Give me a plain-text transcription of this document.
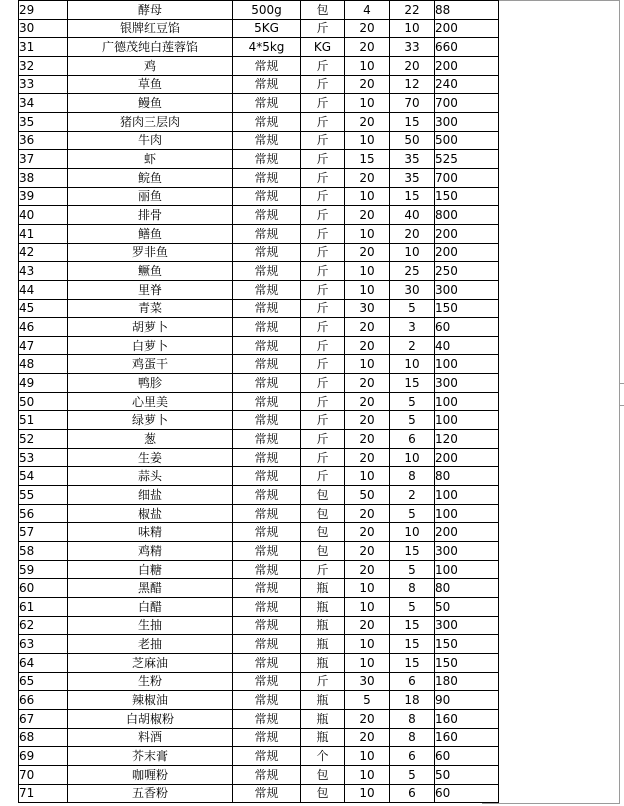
29	酵母	500g	包	4	22	88
30	银牌红豆馅	5KG	斤	20	10	200
31	广德茂纯白莲蓉馅	4*5kg	KG	20	33	660
32	鸡	常规	斤	10	20	200
33	草鱼	常规	斤	20	12	240
34	鳗鱼	常规	斤	10	70	700
35	猪肉三层肉	常规	斤	20	15	300
36	牛肉	常规	斤	10	50	500
37	虾	常规	斤	15	35	525
38	鲩鱼	常规	斤	20	35	700
39	丽鱼	常规	斤	10	15	150
40	排骨	常规	斤	20	40	800
41	鳝鱼	常规	斤	10	20	200
42	罗非鱼	常规	斤	20	10	200
43	鳜鱼	常规	斤	10	25	250
44	里脊	常规	斤	10	30	300
45	青菜	常规	斤	30	5	150
46	胡萝卜	常规	斤	20	3	60
47	白萝卜	常规	斤	20	2	40
48	鸡蛋干	常规	斤	10	10	100
49	鸭胗	常规	斤	20	15	300
50	心里美	常规	斤	20	5	100
51	绿萝卜	常规	斤	20	5	100
52	葱	常规	斤	20	6	120
53	生姜	常规	斤	20	10	200
54	蒜头	常规	斤	10	8	80
55	细盐	常规	包	50	2	100
56	椒盐	常规	包	20	5	100
57	味精	常规	包	20	10	200
58	鸡精	常规	包	20	15	300
59	白糖	常规	斤	20	5	100
60	黑醋	常规	瓶	10	8	80
61	白醋	常规	瓶	10	5	50
62	生抽	常规	瓶	20	15	300
63	老抽	常规	瓶	10	15	150
64	芝麻油	常规	瓶	10	15	150
65	生粉	常规	斤	30	6	180
66	辣椒油	常规	瓶	5	18	90
67	白胡椒粉	常规	瓶	20	8	160
68	料酒	常规	瓶	20	8	160
69	芥末膏	常规	个	10	6	60
70	咖喱粉	常规	包	10	5	50
71	五香粉	常规	包	10	6	60
